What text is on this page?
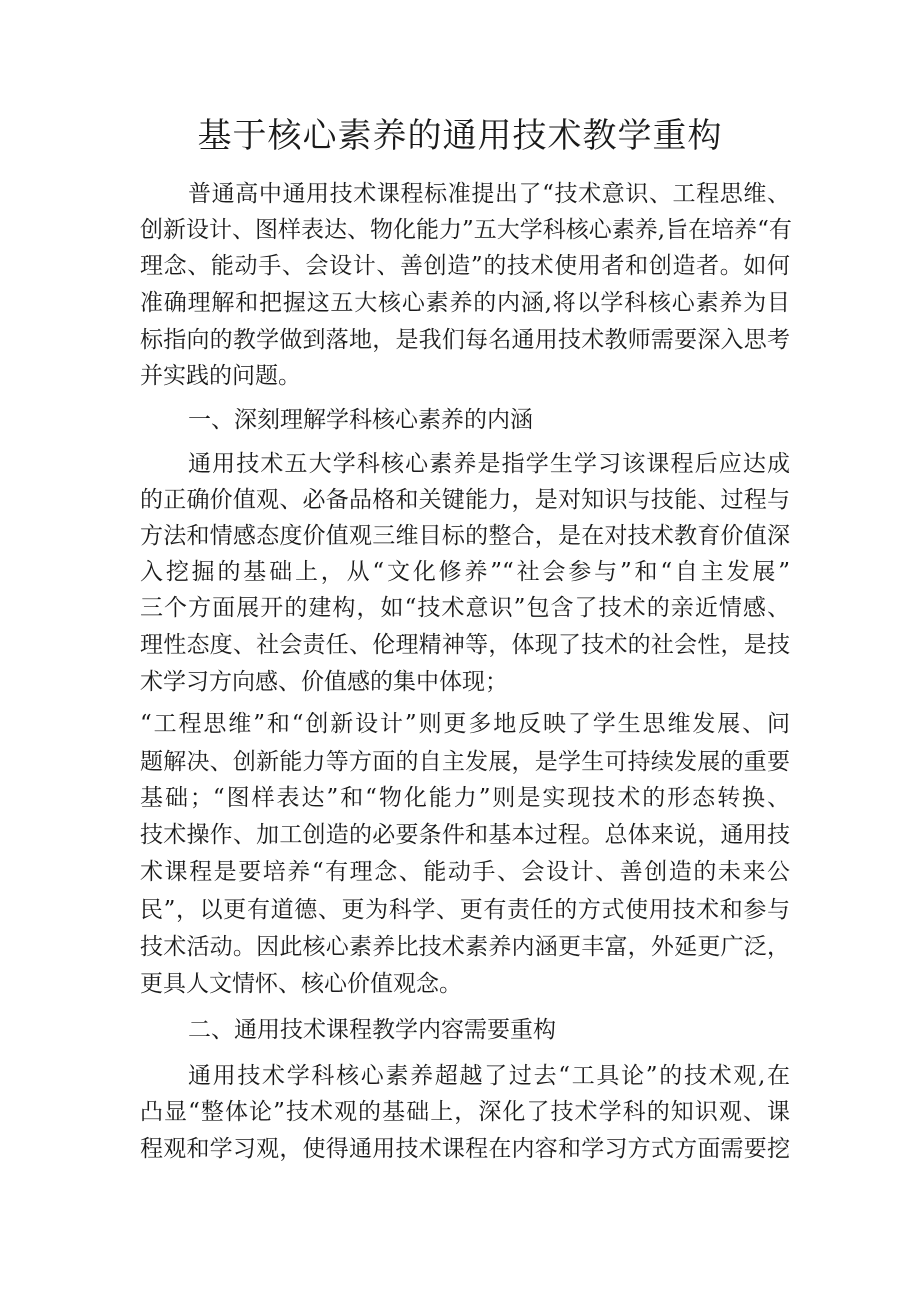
基于核心素养的通用技术教学重构
普通高中通用技术课程标准提出了“技术意识、工程思维、
创新设计、图样表达、物化能力”五大学科核心素养,旨在培养“有
理念、能动手、会设计、善创造”的技术使用者和创造者。如何
准确理解和把握这五大核心素养的内涵,将以学科核心素养为目
标指向的教学做到落地，是我们每名通用技术教师需要深入思考
并实践的问题。
一、深刻理解学科核心素养的内涵
通用技术五大学科核心素养是指学生学习该课程后应达成
的正确价值观、必备品格和关键能力，是对知识与技能、过程与
方法和情感态度价值观三维目标的整合，是在对技术教育价值深
入挖掘的基础上，从“文化修养”“社会参与”和“自主发展”
三个方面展开的建构，如“技术意识”包含了技术的亲近情感、
理性态度、社会责任、伦理精神等，体现了技术的社会性，是技
术学习方向感、价值感的集中体现；
“工程思维”和“创新设计”则更多地反映了学生思维发展、问
题解决、创新能力等方面的自主发展，是学生可持续发展的重要
基础；“图样表达”和“物化能力”则是实现技术的形态转换、
技术操作、加工创造的必要条件和基本过程。总体来说，通用技
术课程是要培养“有理念、能动手、会设计、善创造的未来公
民”，以更有道德、更为科学、更有责任的方式使用技术和参与
技术活动。因此核心素养比技术素养内涵更丰富，外延更广泛，
更具人文情怀、核心价值观念。
二、通用技术课程教学内容需要重构
通用技术学科核心素养超越了过去“工具论”的技术观,在
凸显“整体论”技术观的基础上，深化了技术学科的知识观、课
程观和学习观，使得通用技术课程在内容和学习方式方面需要挖
